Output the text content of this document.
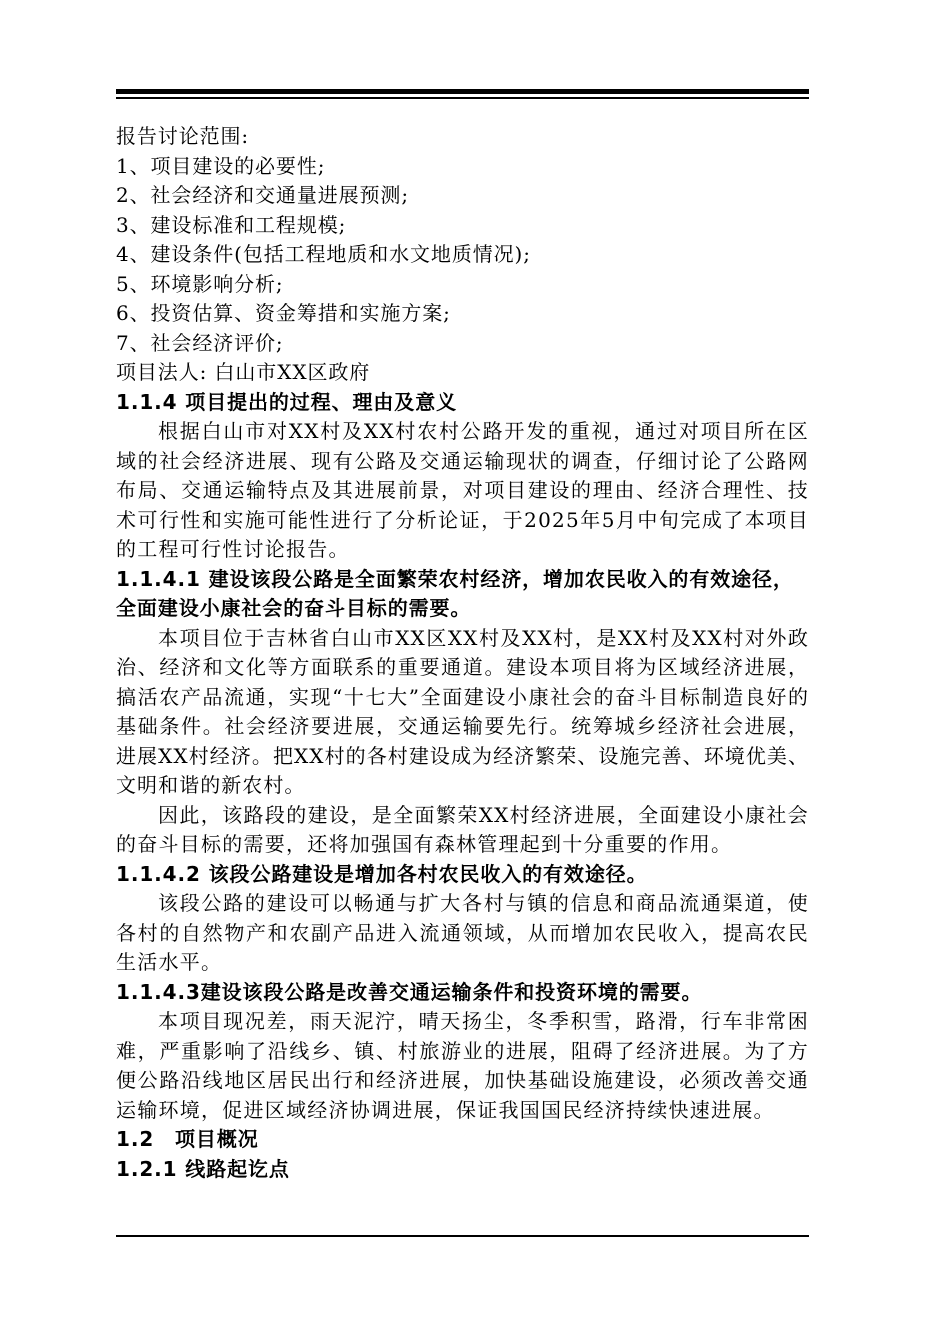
报告讨论范围:

1、项目建设的必要性;

2、社会经济和交通量进展预测;

3、建设标准和工程规模;

4、建设条件(包括工程地质和水文地质情况);

5、环境影响分析;

6、投资估算、资金筹措和实施方案;

7、社会经济评价;

项目法人: 白山市XX区政府

1.1.4 项目提出的过程、理由及意义

根据白山市对XX村及XX村农村公路开发的重视，通过对项目所在区域的社会经济进展、现有公路及交通运输现状的调查，仔细讨论了公路网布局、交通运输特点及其进展前景，对项目建设的理由、经济合理性、技术可行性和实施可能性进行了分析论证，于2025年5月中旬完成了本项目的工程可行性讨论报告。

1.1.4.1 建设该段公路是全面繁荣农村经济，增加农民收入的有效途径，全面建设小康社会的奋斗目标的需要。

本项目位于吉林省白山市XX区XX村及XX村，是XX村及XX村对外政治、经济和文化等方面联系的重要通道。建设本项目将为区域经济进展，搞活农产品流通，实现“十七大”全面建设小康社会的奋斗目标制造良好的基础条件。社会经济要进展，交通运输要先行。统筹城乡经济社会进展，进展XX村经济。把XX村的各村建设成为经济繁荣、设施完善、环境优美、文明和谐的新农村。

因此，该路段的建设，是全面繁荣XX村经济进展，全面建设小康社会的奋斗目标的需要，还将加强国有森林管理起到十分重要的作用。

1.1.4.2 该段公路建设是增加各村农民收入的有效途径。

该段公路的建设可以畅通与扩大各村与镇的信息和商品流通渠道，使各村的自然物产和农副产品进入流通领域，从而增加农民收入，提高农民生活水平。

1.1.4.3建设该段公路是改善交通运输条件和投资环境的需要。

本项目现况差，雨天泥泞，晴天扬尘，冬季积雪，路滑，行车非常困难，严重影响了沿线乡、镇、村旅游业的进展，阻碍了经济进展。为了方便公路沿线地区居民出行和经济进展，加快基础设施建设，必须改善交通运输环境，促进区域经济协调进展，保证我国国民经济持续快速进展。

1.2　项目概况

1.2.1 线路起讫点
